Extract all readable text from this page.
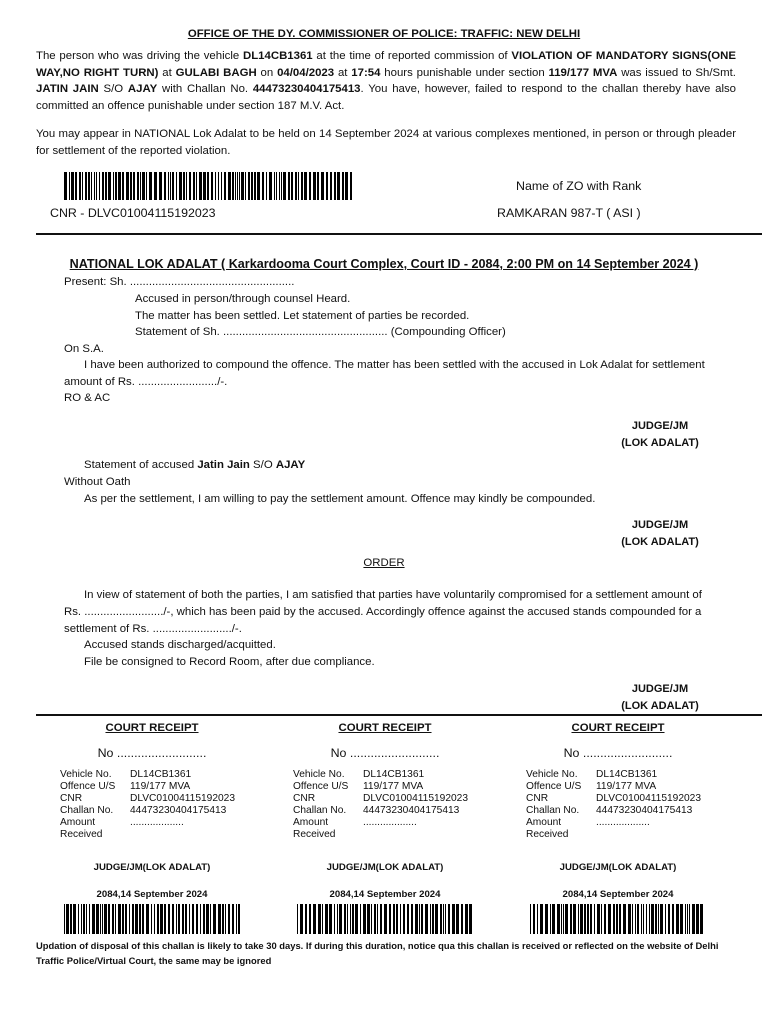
OFFICE OF THE DY. COMMISSIONER OF POLICE: TRAFFIC: NEW DELHI
The person who was driving the vehicle DL14CB1361 at the time of reported commission of VIOLATION OF MANDATORY SIGNS(ONE WAY,NO RIGHT TURN) at GULABI BAGH on 04/04/2023 at 17:54 hours punishable under section 119/177 MVA was issued to Sh/Smt. JATIN JAIN S/O AJAY with Challan No. 44473230404175413. You have, however, failed to respond to the challan thereby have also committed an offence punishable under section 187 M.V. Act.
You may appear in NATIONAL Lok Adalat to be held on 14 September 2024 at various complexes mentioned, in person or through pleader for settlement of the reported violation.
CNR - DLVC01004115192023
Name of ZO with Rank
RAMKARAN 987-T ( ASI )
NATIONAL LOK ADALAT ( Karkardooma Court Complex, Court ID - 2084, 2:00 PM on 14 September 2024 )
Present: Sh. ....................................................
Accused in person/through counsel Heard.
The matter has been settled. Let statement of parties be recorded.
Statement of Sh. .................................................... (Compounding Officer)
On S.A.
I have been authorized to compound the offence. The matter has been settled with the accused in Lok Adalat for settlement amount of Rs. ........................./-.
RO & AC
JUDGE/JM
(LOK ADALAT)
Statement of accused Jatin Jain S/O AJAY
Without Oath
As per the settlement, I am willing to pay the settlement amount. Offence may kindly be compounded.
JUDGE/JM
(LOK ADALAT)
ORDER
In view of statement of both the parties, I am satisfied that parties have voluntarily compromised for a settlement amount of Rs. ........................./-, which has been paid by the accused. Accordingly offence against the accused stands compounded for a settlement of Rs. ........................./-.
Accused stands discharged/acquitted.
File be consigned to Record Room, after due compliance.
JUDGE/JM
(LOK ADALAT)
COURT RECEIPT
No ..........................
Vehicle No.	DL14CB1361
Offence U/S	119/177 MVA
CNR	DLVC01004115192023
Challan No.	44473230404175413
Amount	...................
Received	
JUDGE/JM(LOK ADALAT)
2084,14 September 2024
COURT RECEIPT
No ..........................
Vehicle No.	DL14CB1361
Offence U/S	119/177 MVA
CNR	DLVC01004115192023
Challan No.	44473230404175413
Amount	...................
Received	
JUDGE/JM(LOK ADALAT)
2084,14 September 2024
COURT RECEIPT
No ..........................
Vehicle No.	DL14CB1361
Offence U/S	119/177 MVA
CNR	DLVC01004115192023
Challan No.	44473230404175413
Amount	...................
Received	
JUDGE/JM(LOK ADALAT)
2084,14 September 2024
Updation of disposal of this challan is likely to take 30 days. If during this duration, notice qua this challan is received or reflected on the website of Delhi Traffic Police/Virtual Court, the same may be ignored
